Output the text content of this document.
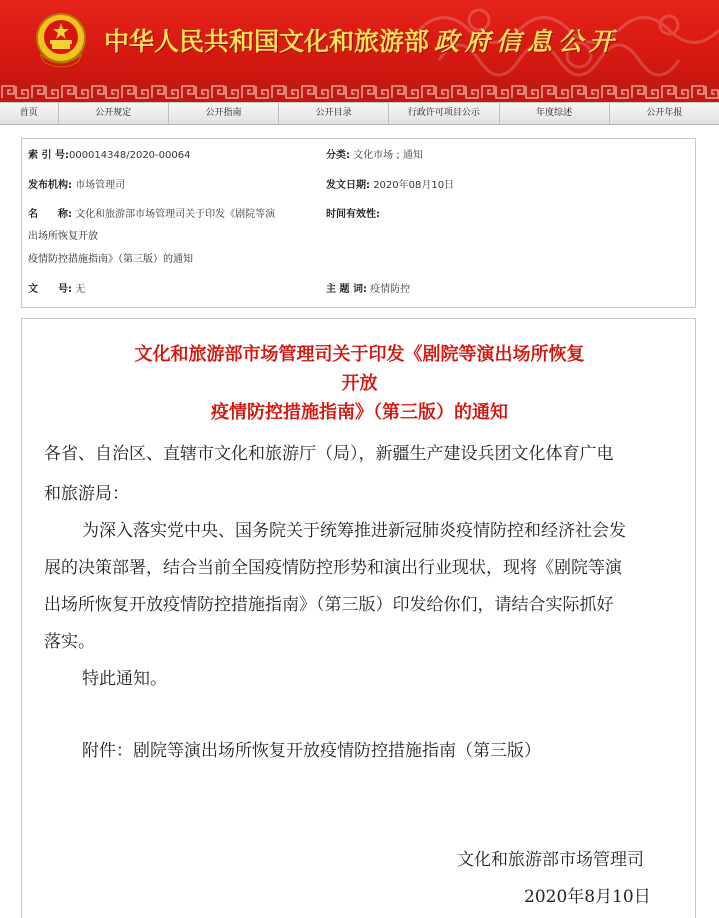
中华人民共和国文化和旅游部 政府信息公开
首页	公开规定	公开指南	公开目录	行政许可项目公示	年度综述	公开年报
索 引 号:000014348/2020-00064	分类: 文化市场 ; 通知
发布机构: 市场管理司	发文日期: 2020年08月10日
名　　称: 文化和旅游部市场管理司关于印发《剧院等演
出场所恢复开放
疫情防控措施指南》（第三版）的通知
时间有效性:
文　　号: 无	主 题 词: 疫情防控
文化和旅游部市场管理司关于印发《剧院等演出场所恢复
开放
疫情防控措施指南》（第三版）的通知
各省、自治区、直辖市文化和旅游厅（局），新疆生产建设兵团文化体育广电
和旅游局：
为深入落实党中央、国务院关于统筹推进新冠肺炎疫情防控和经济社会发
展的决策部署，结合当前全国疫情防控形势和演出行业现状，现将《剧院等演
出场所恢复开放疫情防控措施指南》（第三版）印发给你们，请结合实际抓好
落实。
特此通知。
附件：剧院等演出场所恢复开放疫情防控措施指南（第三版）
文化和旅游部市场管理司
2020年8月10日
